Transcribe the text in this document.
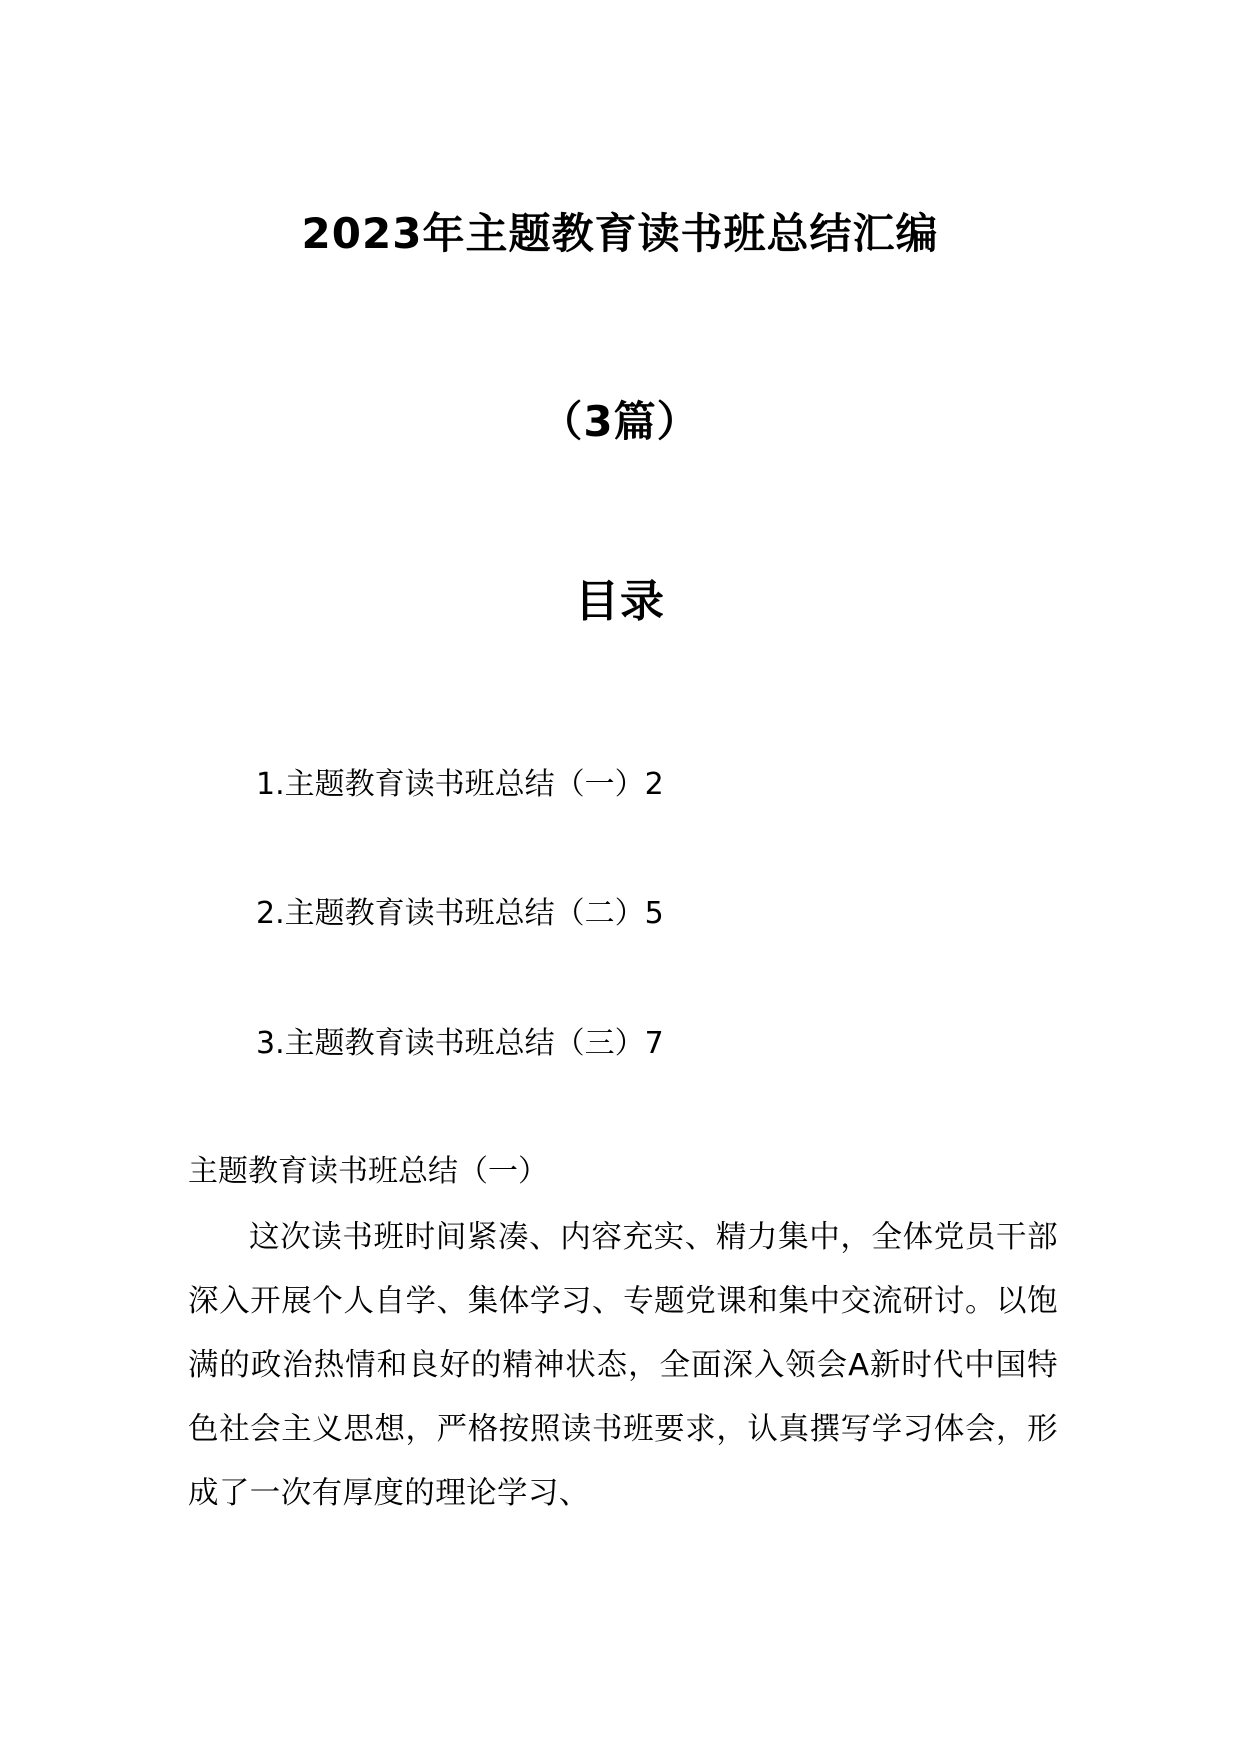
2023年主题教育读书班总结汇编
（3篇）
目录
1.主题教育读书班总结（一）2
2.主题教育读书班总结（二）5
3.主题教育读书班总结（三）7
主题教育读书班总结（一）

这次读书班时间紧凑、内容充实、精力集中，全体党员干部深入开展个人自学、集体学习、专题党课和集中交流研讨。以饱满的政治热情和良好的精神状态，全面深入领会A新时代中国特色社会主义思想，严格按照读书班要求，认真撰写学习体会，形成了一次有厚度的理论学习、
